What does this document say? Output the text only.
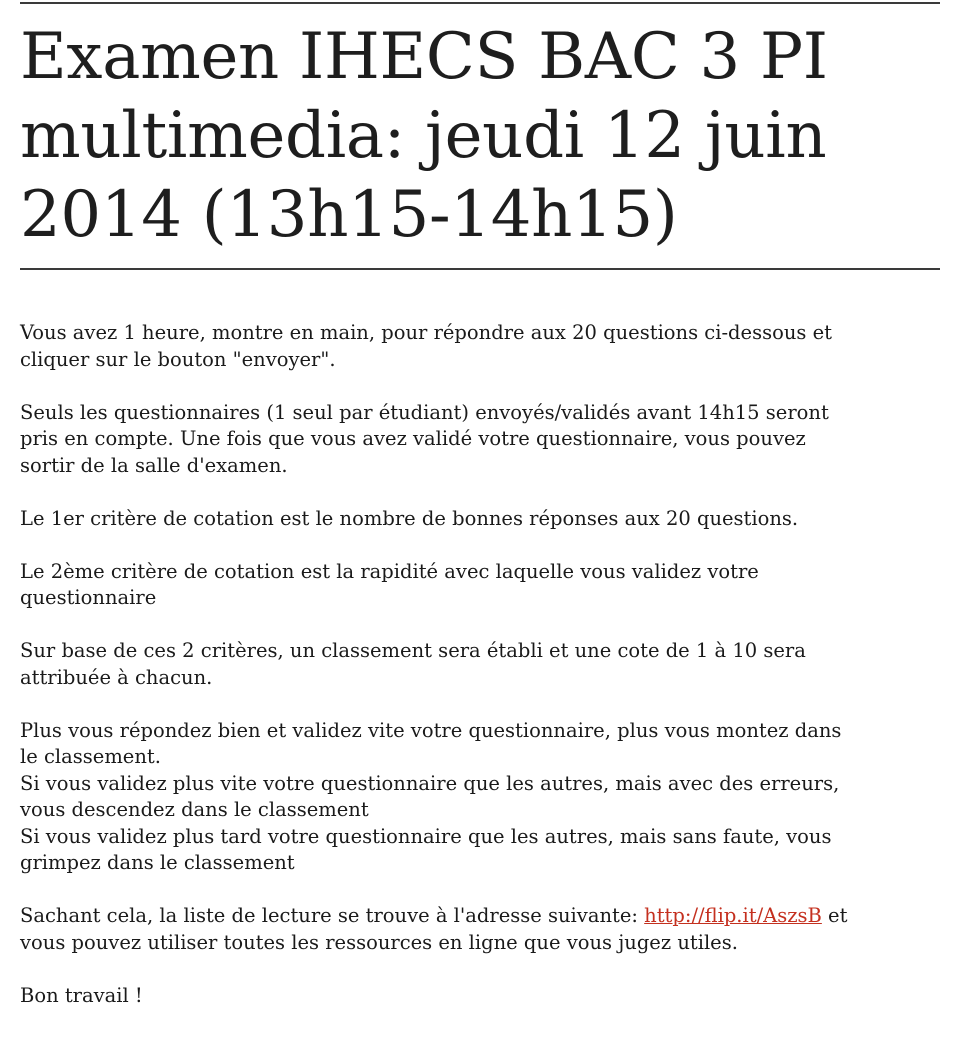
Examen IHECS BAC 3 PI
multimedia: jeudi 12 juin
2014 (13h15-14h15)

Vous avez 1 heure, montre en main, pour répondre aux 20 questions ci-dessous et
cliquer sur le bouton "envoyer".

Seuls les questionnaires (1 seul par étudiant) envoyés/validés avant 14h15 seront
pris en compte. Une fois que vous avez validé votre questionnaire, vous pouvez
sortir de la salle d'examen.

Le 1er critère de cotation est le nombre de bonnes réponses aux 20 questions.

Le 2ème critère de cotation est la rapidité avec laquelle vous validez votre
questionnaire

Sur base de ces 2 critères, un classement sera établi et une cote de 1 à 10 sera
attribuée à chacun.

Plus vous répondez bien et validez vite votre questionnaire, plus vous montez dans
le classement.
Si vous validez plus vite votre questionnaire que les autres, mais avec des erreurs,
vous descendez dans le classement
Si vous validez plus tard votre questionnaire que les autres, mais sans faute, vous
grimpez dans le classement

Sachant cela, la liste de lecture se trouve à l'adresse suivante: http://flip.it/AszsB et
vous pouvez utiliser toutes les ressources en ligne que vous jugez utiles.

Bon travail !
